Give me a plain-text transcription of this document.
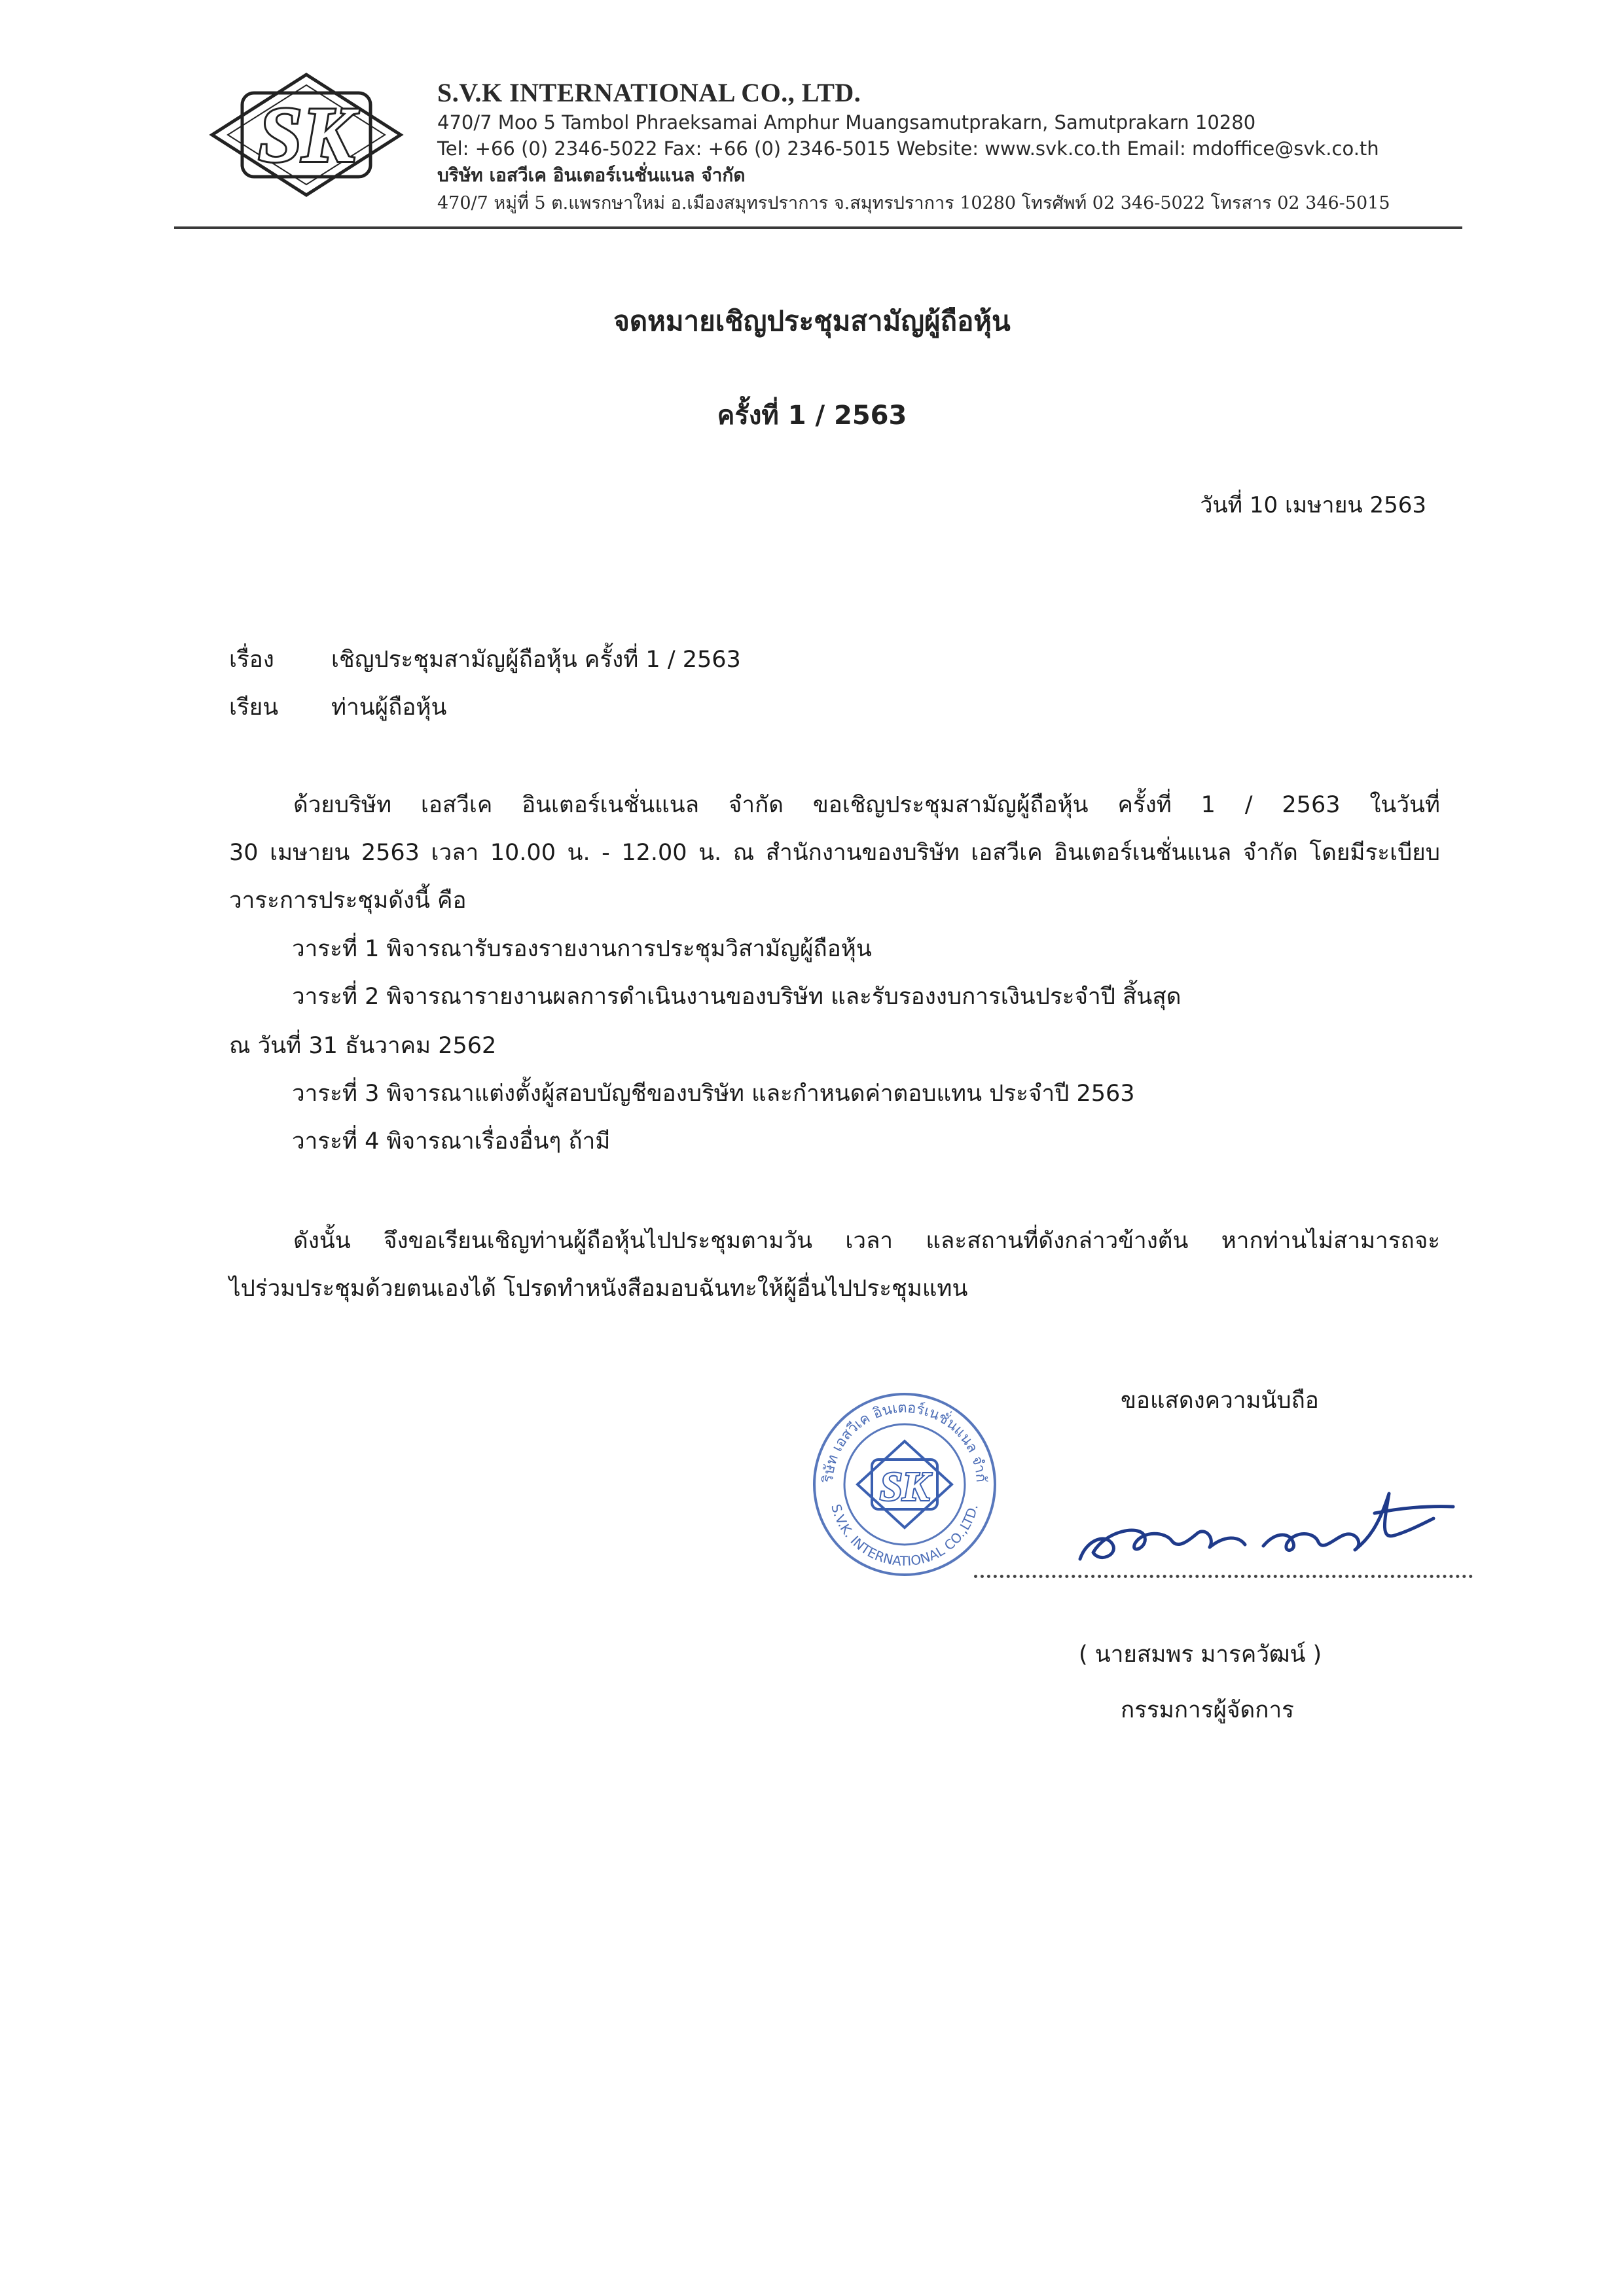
SK	S.V.K INTERNATIONAL CO., LTD.
470/7 Moo 5 Tambol Phraeksamai Amphur Muangsamutprakarn, Samutprakarn 10280
Tel: +66 (0) 2346-5022 Fax: +66 (0) 2346-5015 Website: www.svk.co.th Email: mdoffice@svk.co.th
บริษัท เอสวีเค อินเตอร์เนชั่นแนล จำกัด
470/7 หมู่ที่ 5 ต.แพรกษาใหม่ อ.เมืองสมุทรปราการ จ.สมุทรปราการ 10280 โทรศัพท์ 02 346-5022 โทรสาร 02 346-5015
จดหมายเชิญประชุมสามัญผู้ถือหุ้น
ครั้งที่ 1 / 2563
วันที่ 10 เมษายน 2563
เรื่อง เชิญประชุมสามัญผู้ถือหุ้น ครั้งที่ 1 / 2563
เรียน ท่านผู้ถือหุ้น
ด้วยบริษัท เอสวีเค อินเตอร์เนชั่นแนล จำกัด ขอเชิญประชุมสามัญผู้ถือหุ้น ครั้งที่ 1 / 2563 ในวันที่
30 เมษายน 2563 เวลา 10.00 น. - 12.00 น. ณ สำนักงานของบริษัท เอสวีเค อินเตอร์เนชั่นแนล จำกัด โดยมีระเบียบ
วาระการประชุมดังนี้ คือ
วาระที่ 1 พิจารณารับรองรายงานการประชุมวิสามัญผู้ถือหุ้น
วาระที่ 2 พิจารณารายงานผลการดำเนินงานของบริษัท และรับรองงบการเงินประจำปี สิ้นสุด
ณ วันที่ 31 ธันวาคม 2562
วาระที่ 3 พิจารณาแต่งตั้งผู้สอบบัญชีของบริษัท และกำหนดค่าตอบแทน ประจำปี 2563
วาระที่ 4 พิจารณาเรื่องอื่นๆ ถ้ามี
ดังนั้น จึงขอเรียนเชิญท่านผู้ถือหุ้นไปประชุมตามวัน เวลา และสถานที่ดังกล่าวข้างต้น หากท่านไม่สามารถจะ
ไปร่วมประชุมด้วยตนเองได้ โปรดทำหนังสือมอบฉันทะให้ผู้อื่นไปประชุมแทน
ขอแสดงความนับถือ
ริษัท เอสวีเค อินเตอร์เนชั่นแนล จำกั
S.V.K. INTERNATIONAL CO.,LTD.
SK
( นายสมพร มารควัฒน์ )
กรรมการผู้จัดการ
